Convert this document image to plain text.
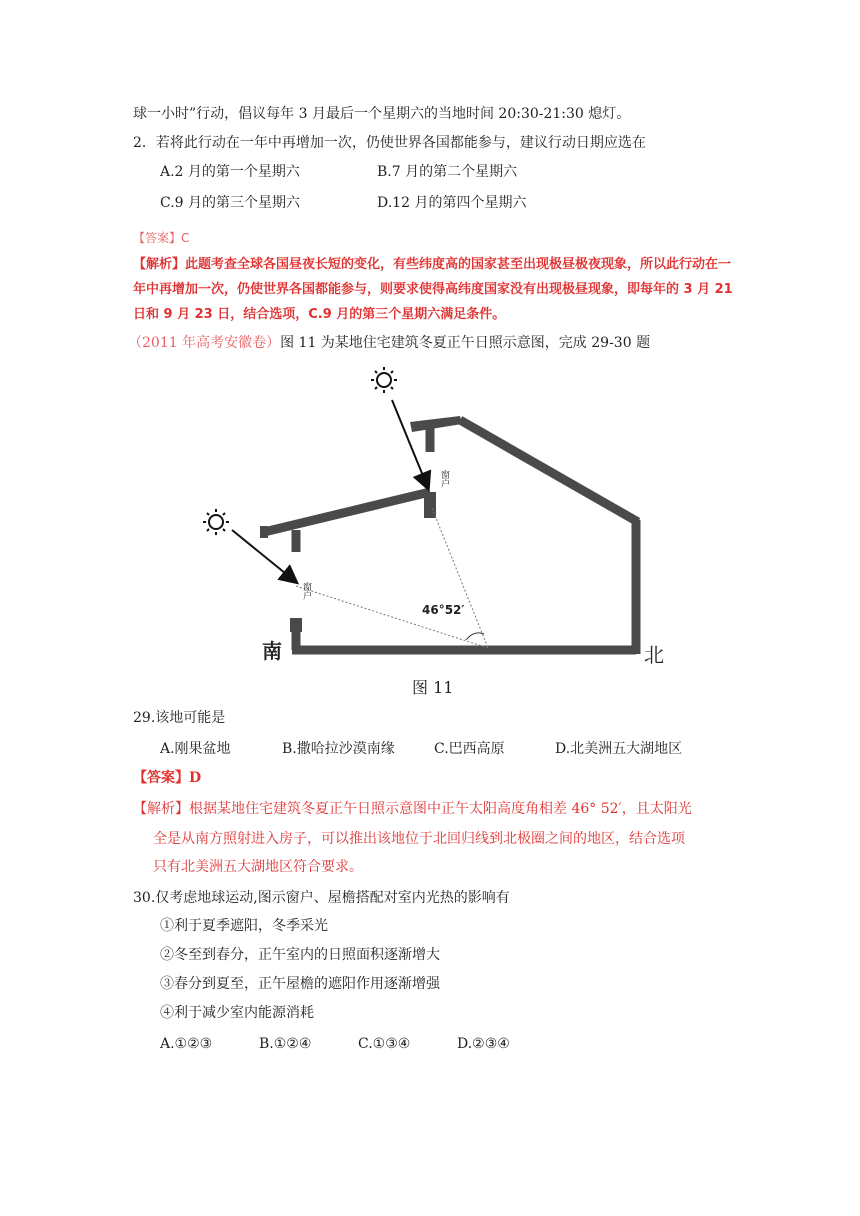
球一小时”行动，倡议每年 3 月最后一个星期六的当地时间 20:30-21:30 熄灯。
2．若将此行动在一年中再增加一次，仍使世界各国都能参与，建议行动日期应选在
A.2 月的第一个星期六	B.7 月的第二个星期六
C.9 月的第三个星期六	D.12 月的第四个星期六
【答案】C
【解析】此题考查全球各国昼夜长短的变化，有些纬度高的国家甚至出现极昼极夜现象，所以此行动在一
年中再增加一次，仍使世界各国都能参与，则要求使得高纬度国家没有出现极昼现象，即每年的 3 月 21
日和 9 月 23 日，结合选项，C.9 月的第三个星期六满足条件。
（2011 年高考安徽卷）图 11 为某地住宅建筑冬夏正午日照示意图，完成 29-30 题
窗户
窗户
46°52′
南	北
图 11
29.该地可能是
A.刚果盆地	B.撒哈拉沙漠南缘	C.巴西高原	D.北美洲五大湖地区
【答案】D
【解析】根据某地住宅建筑冬夏正午日照示意图中正午太阳高度角相差 46° 52′，且太阳光
全是从南方照射进入房子，可以推出该地位于北回归线到北极圈之间的地区，结合选项
只有北美洲五大湖地区符合要求。
30.仅考虑地球运动,图示窗户、屋檐搭配对室内光热的影响有
①利于夏季遮阳，冬季采光
②冬至到春分，正午室内的日照面积逐渐增大
③春分到夏至，正午屋檐的遮阳作用逐渐增强
④利于减少室内能源消耗
A.①②③	B.①②④	C.①③④	D.②③④
